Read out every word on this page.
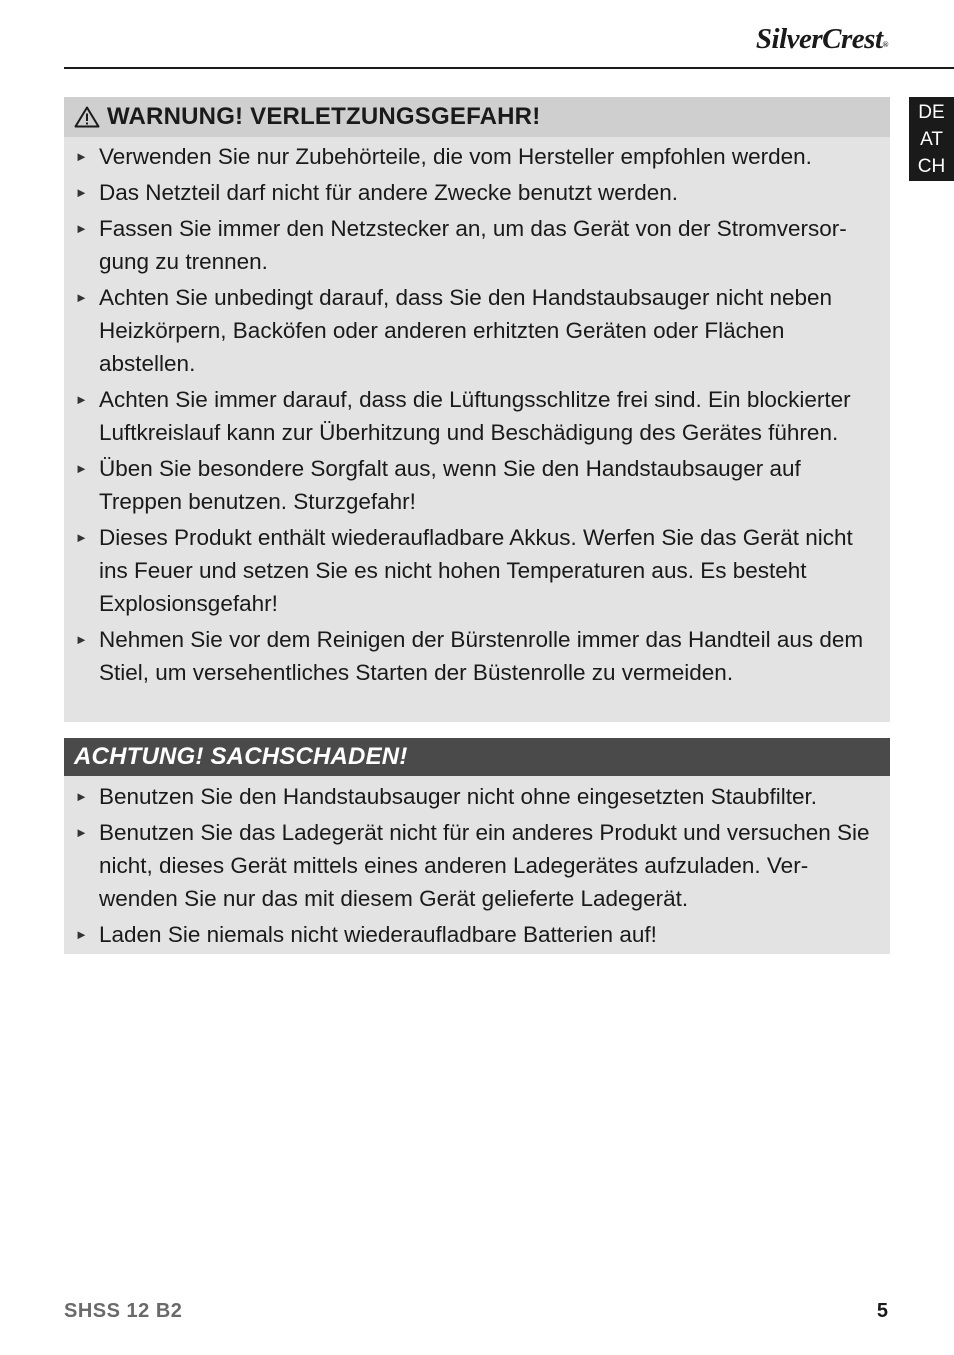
SilverCrest®
DE
AT
CH
WARNUNG! VERLETZUNGSGEFAHR!
► Verwenden Sie nur Zubehörteile, die vom Hersteller empfohlen werden.
► Das Netzteil darf nicht für andere Zwecke benutzt werden.
► Fassen Sie immer den Netzstecker an, um das Gerät von der Stromversorgung zu trennen.
► Achten Sie unbedingt darauf, dass Sie den Handstaubsauger nicht neben Heizkörpern, Backöfen oder anderen erhitzten Geräten oder Flächen abstellen.
► Achten Sie immer darauf, dass die Lüftungsschlitze frei sind. Ein blockierter Luftkreislauf kann zur Überhitzung und Beschädigung des Gerätes führen.
► Üben Sie besondere Sorgfalt aus, wenn Sie den Handstaubsauger auf Treppen benutzen. Sturzgefahr!
► Dieses Produkt enthält wiederaufladbare Akkus. Werfen Sie das Gerät nicht ins Feuer und setzen Sie es nicht hohen Temperaturen aus. Es besteht Explosionsgefahr!
► Nehmen Sie vor dem Reinigen der Bürstenrolle immer das Handteil aus dem Stiel, um versehentliches Starten der Büstenrolle zu vermeiden.
ACHTUNG! SACHSCHADEN!
► Benutzen Sie den Handstaubsauger nicht ohne eingesetzten Staubfilter.
► Benutzen Sie das Ladegerät nicht für ein anderes Produkt und versuchen Sie nicht, dieses Gerät mittels eines anderen Ladegerätes aufzuladen. Verwenden Sie nur das mit diesem Gerät gelieferte Ladegerät.
► Laden Sie niemals nicht wiederaufladbare Batterien auf!
SHSS 12 B2	5
